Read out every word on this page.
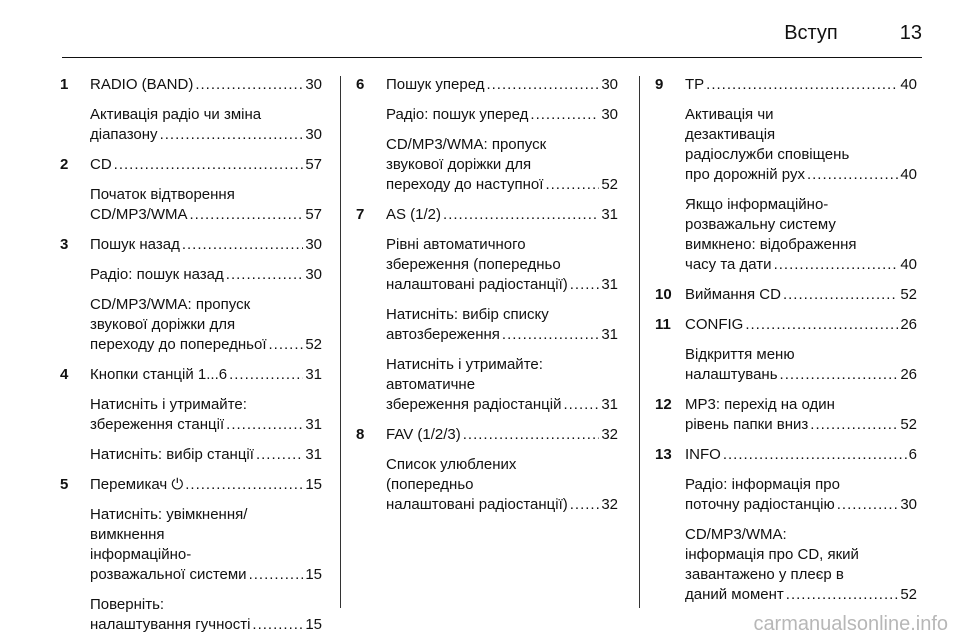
Вступ	13
1 RADIO (BAND) .....	30
Активація радіо чи зміна
діапазону .....	30
2 CD .....	57
Початок відтворення
CD/MP3/WMA .....	57
3 Пошук назад .....	30
Радіо: пошук назад .....	30
CD/MP3/WMA: пропуск
звукової доріжки для
переходу до попередньої .....	52
4 Кнопки станцій 1...6 .....	31
Натисніть і утримайте:
збереження станції .....	31
Натисніть: вибір станції .....	31
5 Перемикач ⏻ .....	15
Натисніть: увімкнення/
вимкнення
інформаційно-
розважальної системи .....	15
Поверніть:
налаштування гучності .....	15
6 Пошук уперед .....	30
Радіо: пошук уперед .....	30
CD/MP3/WMA: пропуск
звукової доріжки для
переходу до наступної .....	52
7 AS (1/2) .....	31
Рівні автоматичного
збереження (попередньо
налаштовані радіостанції) ..... 31
Натисніть: вибір списку
автозбереження .....	31
Натисніть і утримайте:
автоматичне
збереження радіостанцій .....	31
8 FAV (1/2/3) .....	32
Список улюблених
(попередньо
налаштовані радіостанції) ..... 32
9 TP .....	40
Активація чи
дезактивація
радіослужби сповіщень
про дорожній рух .....	40
Якщо інформаційно-
розважальну систему
вимкнено: відображення
часу та дати .....	40
10 Виймання CD .....	52
11 CONFIG .....	26
Відкриття меню
налаштувань .....	26
12 MP3: перехід на один
рівень папки вниз .....	52
13 INFO .....	6
Радіо: інформація про
поточну радіостанцію .....	30
CD/MP3/WMA:
інформація про CD, який
завантажено у плеєр в
даний момент .....	52
carmanualsonline.info
